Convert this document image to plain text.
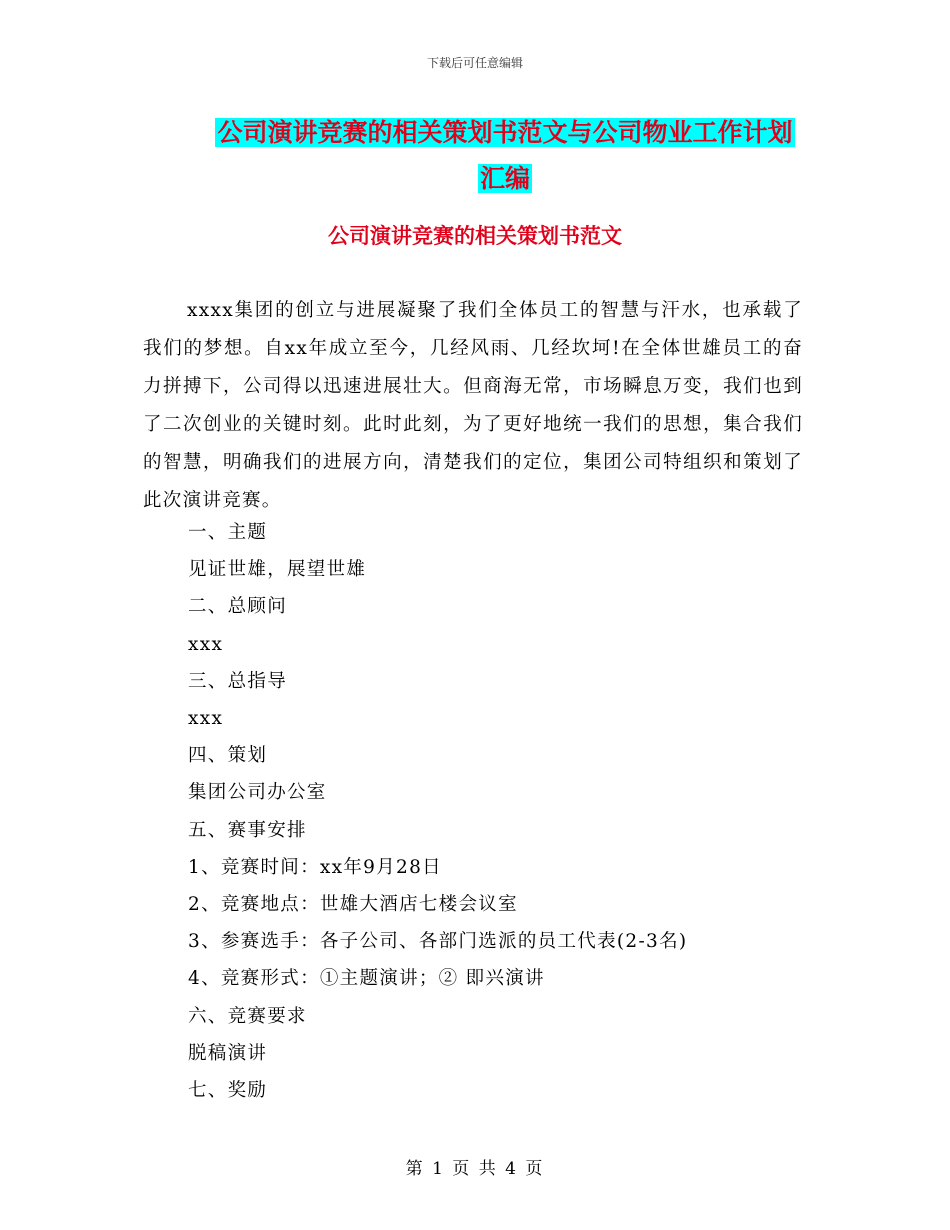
下载后可任意编辑
公司演讲竞赛的相关策划书范文与公司物业工作计划
汇编
公司演讲竞赛的相关策划书范文

xxxx集团的创立与进展凝聚了我们全体员工的智慧与汗水，也承载了我们的梦想。自xx年成立至今，几经风雨、几经坎坷!在全体世雄员工的奋力拼搏下，公司得以迅速进展壮大。但商海无常，市场瞬息万变，我们也到了二次创业的关键时刻。此时此刻，为了更好地统一我们的思想，集合我们的智慧，明确我们的进展方向，清楚我们的定位，集团公司特组织和策划了此次演讲竞赛。

一、主题
见证世雄，展望世雄
二、总顾问
xxx
三、总指导
xxx
四、策划
集团公司办公室
五、赛事安排
1、竞赛时间：xx年9月28日
2、竞赛地点：世雄大酒店七楼会议室
3、参赛选手：各子公司、各部门选派的员工代表(2-3名)
4、竞赛形式：①主题演讲；② 即兴演讲
六、竞赛要求
脱稿演讲
七、奖励
第 1 页 共 4 页
